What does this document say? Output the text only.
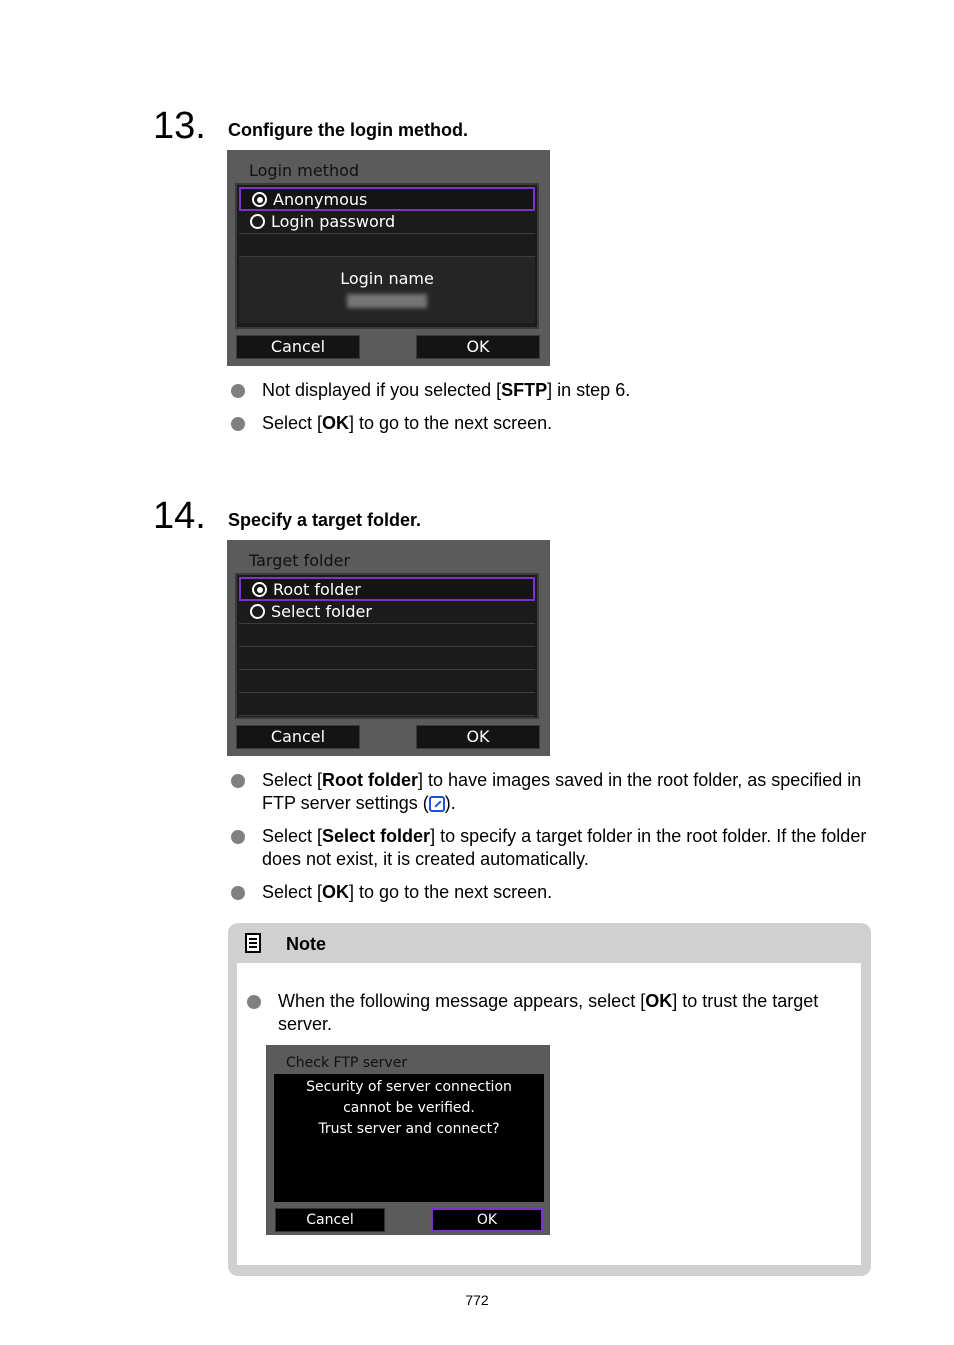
13. Configure the login method.
Login method
Anonymous
Login password
Login name
Cancel	OK
Not displayed if you selected [SFTP] in step 6.
Select [OK] to go to the next screen.
14. Specify a target folder.
Target folder
Root folder
Select folder
Cancel	OK
Select [Root folder] to have images saved in the root folder, as specified in FTP server settings ( ).
Select [Select folder] to specify a target folder in the root folder. If the folder does not exist, it is created automatically.
Select [OK] to go to the next screen.
Note
When the following message appears, select [OK] to trust the target server.
Check FTP server
Security of server connection
cannot be verified.
Trust server and connect?
Cancel	OK
772
